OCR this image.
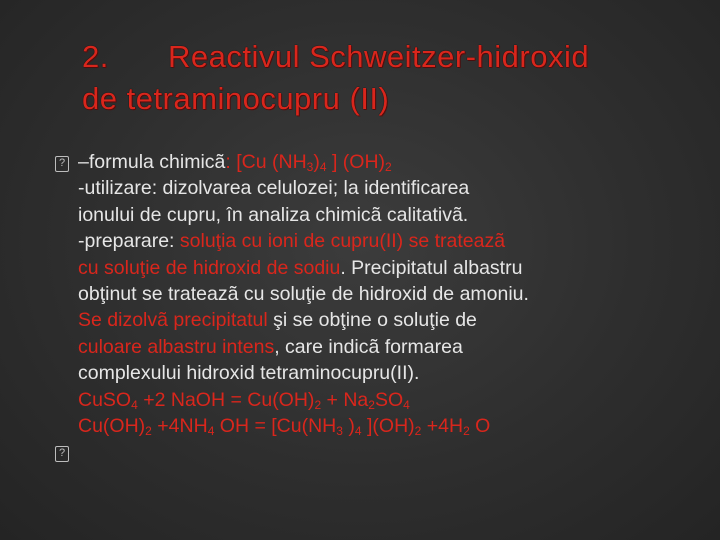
2. Reactivul Schweitzer-hidroxid
de tetraminocupru (II)
?
?
–formula chimicã: [Cu $(NH_3)_4$ ] $(OH)_2$
-utilizare: dizolvarea celulozei; la identificarea
ionului de cupru, în analiza chimicã calitativã.
-preparare: soluţia cu ioni de cupru(II) se trateazã
cu soluţie de hidroxid de sodiu. Precipitatul albastru
obţinut se trateazã cu soluţie de hidroxid de amoniu.
Se dizolvã precipitatul şi se obţine o soluţie de
culoare albastru intens, care indicã formarea
complexului hidroxid tetraminocupru(II).
CuSO$_4$ +2 NaOH = $Cu(OH)_2 + Na_2SO_4$
$Cu(OH)_2 +4NH_4$ OH = [$Cu(NH_3$ )$_4$ ]$(OH)_2 +4H_2$ O
